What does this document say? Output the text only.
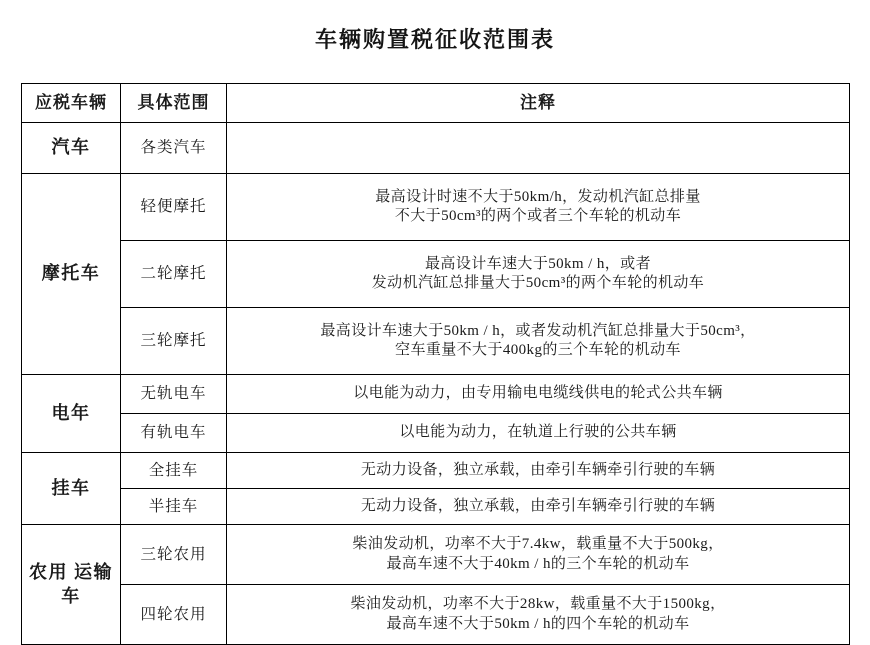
车辆购置税征收范围表
应税车辆	具体范围	注释
汽车	各类汽车	

摩托车	轻便摩托	最高设计时速不大于50km/h，发动机汽缸总排量
不大于50cm³的两个或者三个车轮的机动车

	二轮摩托	最高设计车速大于50km / h，或者
发动机汽缸总排量大于50cm³的两个车轮的机动车

	三轮摩托	最高设计车速大于50km / h，或者发动机汽缸总排量大于50cm³，
空车重量不大于400kg的三个车轮的机动车

电年	无轨电车	以电能为动力，由专用输电电缆线供电的轮式公共车辆

	有轨电车	以电能为动力，在轨道上行驶的公共车辆

挂车	全挂车	无动力设备，独立承载，由牵引车辆牵引行驶的车辆

	半挂车	无动力设备，独立承载，由牵引车辆牵引行驶的车辆

农用 运输车	三轮农用	柴油发动机，功率不大于7.4kw，载重量不大于500kg，
最高车速不大于40km / h的三个车轮的机动车

	四轮农用	柴油发动机，功率不大于28kw，载重量不大于1500kg，
最高车速不大于50km / h的四个车轮的机动车
